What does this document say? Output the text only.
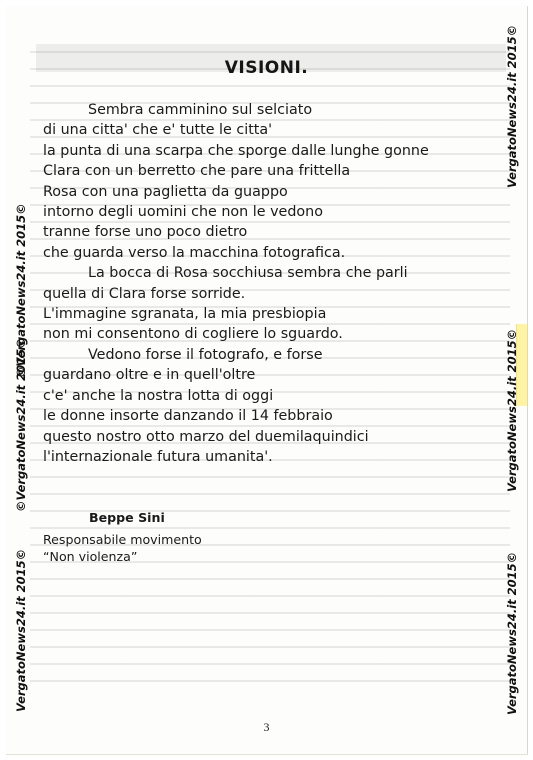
VISIONI.
Sembra camminino sul selciato
di una citta' che e' tutte le citta'
la punta di una scarpa che sporge dalle lunghe gonne
Clara con un berretto che pare una frittella
Rosa con una paglietta da guappo
intorno degli uomini che non le vedono
tranne forse uno poco dietro
che guarda verso la macchina fotografica.
La bocca di Rosa socchiusa sembra che parli
quella di Clara forse sorride.
L'immagine sgranata, la mia presbiopia
non mi consentono di cogliere lo sguardo.
Vedono forse il fotografo, e forse
guardano oltre e in quell'oltre
c'e' anche la nostra lotta di oggi
le donne insorte danzando il 14 febbraio
questo nostro otto marzo del duemilaquindici
l'internazionale futura umanita'.
Beppe Sini
Responsabile movimento
“Non violenza”
3
©VergatoNews24.it 2015©
©VergatoNews24.it 2015©
VergatoNews24.it 2015©
VergatoNews24.it 2015©
VergatoNews24.it 2015©
VergatoNews24.it 2015©
